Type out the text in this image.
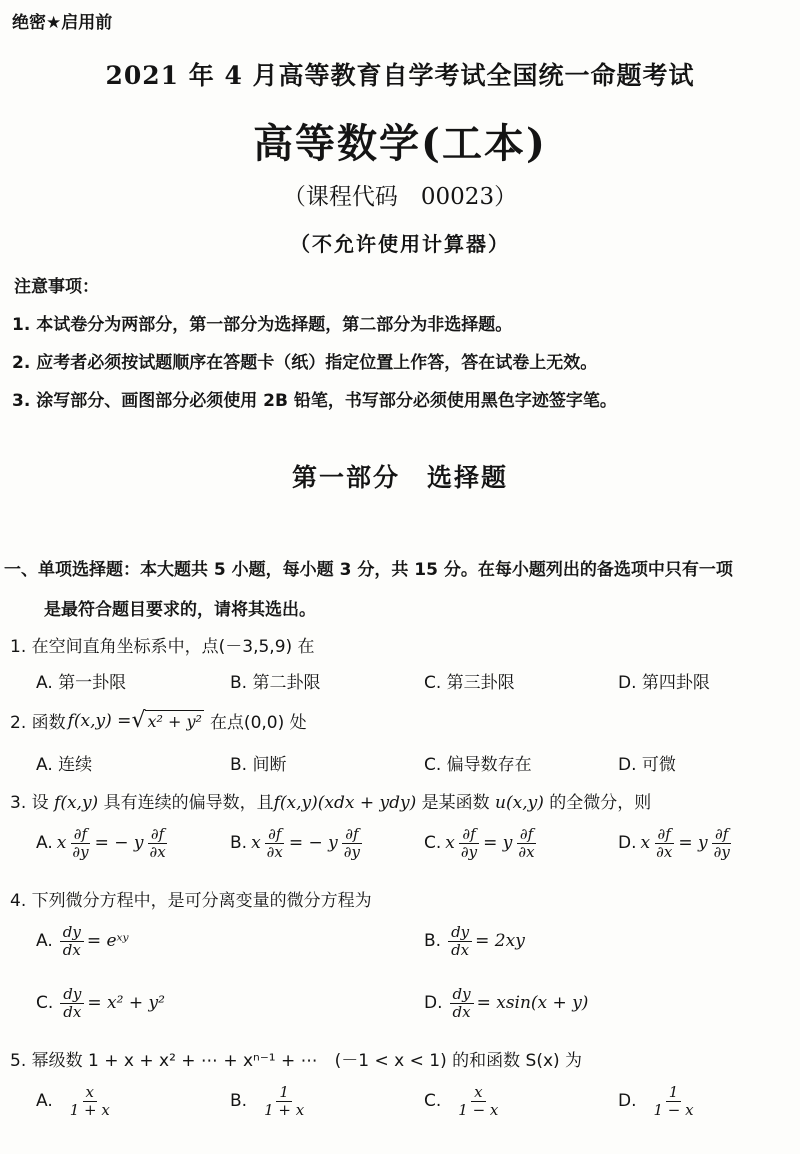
绝密★启用前
2021 年 4 月高等教育自学考试全国统一命题考试
高等数学(工本)
（课程代码　00023）
（不允许使用计算器）
注意事项：
1. 本试卷分为两部分，第一部分为选择题，第二部分为非选择题。
2. 应考者必须按试题顺序在答题卡（纸）指定位置上作答，答在试卷上无效。
3. 涂写部分、画图部分必须使用 2B 铅笔，书写部分必须使用黑色字迹签字笔。
第一部分　选择题
一、单项选择题：本大题共 5 小题，每小题 3 分，共 15 分。在每小题列出的备选项中只有一项
是最符合题目要求的，请将其选出。
1. 在空间直角坐标系中，点(－3,5,9) 在
A. 第一卦限	B. 第二卦限	C. 第三卦限	D. 第四卦限
2. 函数 f(x,y) = √ x² + y² 在点(0,0) 处
A. 连续	B. 间断	C. 偏导数存在	D. 可微
3. 设 f(x,y) 具有连续的偏导数，且f(x,y)(xdx + ydy) 是某函数 u(x,y) 的全微分，则
A. x $\frac{\partial f}{\partial y}$ = − y $\frac{\partial f}{\partial x}$	B. x $\frac{\partial f}{\partial x}$ = − y $\frac{\partial f}{\partial y}$	C. x $\frac{\partial f}{\partial y} = y \frac{\partial f}{\partial x}$	D. x $\frac{\partial f}{\partial x} = y \frac{\partial f}{\partial y}$
4. 下列微分方程中，是可分离变量的微分方程为
A. $\frac{dy}{dx}$ = eˣʸ	B. $\frac{dy}{dx} = 2xy$
C. $\frac{dy}{dx} = x^2 + y^2$	D. $\frac{dy}{dx} = xsin(x + y)$
5. 幂级数 1 + x + x² + ⋯ + xⁿ⁻¹ + ⋯　(－1 < x < 1) 的和函数 S(x) 为
A. $\frac{x}{1 + x}$	B. $\frac{1}{1 + x}$	C. $\frac{x}{1 - x}$	D. $\frac{1}{1 - x}$
